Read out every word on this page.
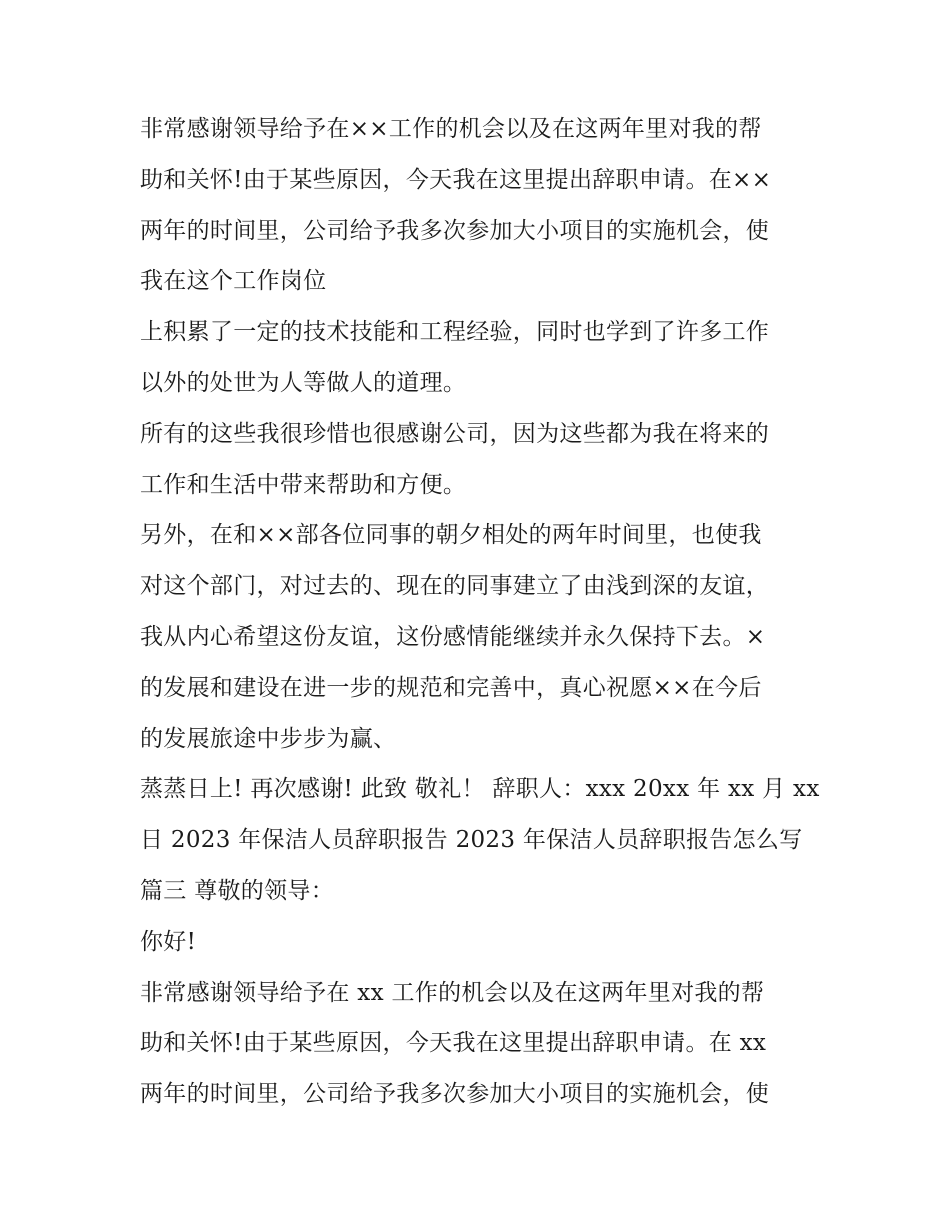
非常感谢领导给予在××工作的机会以及在这两年里对我的帮

助和关怀!由于某些原因，今天我在这里提出辞职申请。在××

两年的时间里，公司给予我多次参加大小项目的实施机会，使

我在这个工作岗位

上积累了一定的技术技能和工程经验，同时也学到了许多工作

以外的处世为人等做人的道理。

所有的这些我很珍惜也很感谢公司，因为这些都为我在将来的

工作和生活中带来帮助和方便。

另外，在和××部各位同事的朝夕相处的两年时间里，也使我

对这个部门，对过去的、现在的同事建立了由浅到深的友谊，

我从内心希望这份友谊，这份感情能继续并永久保持下去。×

的发展和建设在进一步的规范和完善中，真心祝愿××在今后

的发展旅途中步步为赢、

蒸蒸日上! 再次感谢! 此致 敬礼！ 辞职人：xxx 20xx 年 xx 月 xx

日 2023 年保洁人员辞职报告 2023 年保洁人员辞职报告怎么写

篇三 尊敬的领导：

你好!

非常感谢领导给予在 xx 工作的机会以及在这两年里对我的帮

助和关怀!由于某些原因，今天我在这里提出辞职申请。在 xx

两年的时间里，公司给予我多次参加大小项目的实施机会，使
